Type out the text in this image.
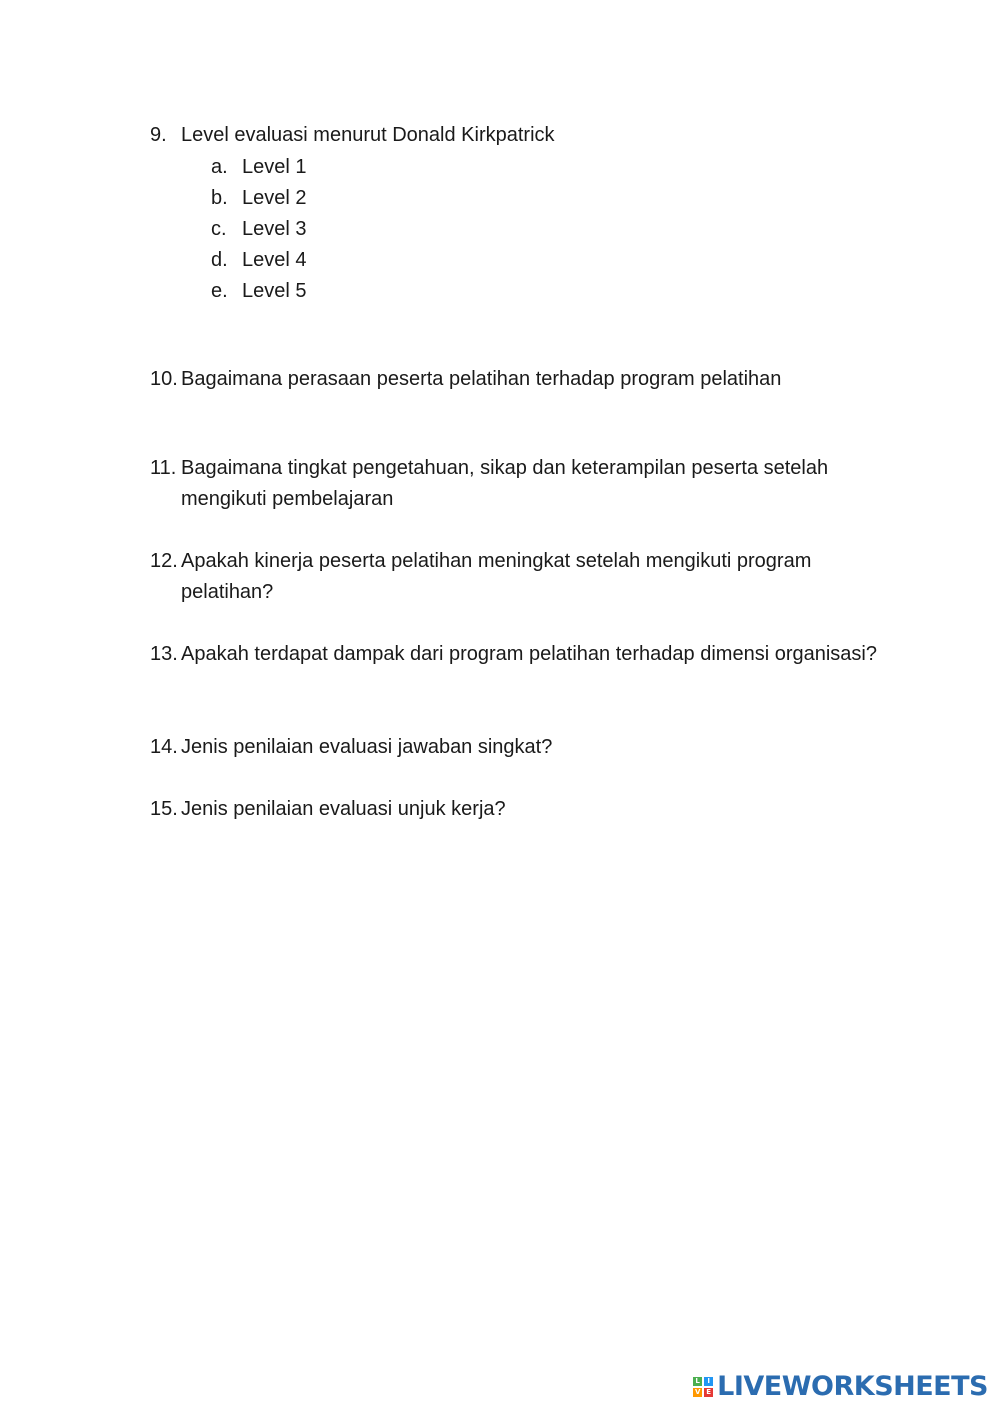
9. Level evaluasi menurut Donald Kirkpatrick
a. Level 1
b. Level 2
c. Level 3
d. Level 4
e. Level 5
10. Bagaimana perasaan peserta pelatihan terhadap program pelatihan
11. Bagaimana tingkat pengetahuan, sikap dan keterampilan peserta setelah mengikuti pembelajaran
12. Apakah kinerja peserta pelatihan meningkat setelah mengikuti program pelatihan?
13. Apakah terdapat dampak dari program pelatihan terhadap dimensi organisasi?
14. Jenis penilaian evaluasi jawaban singkat?
15. Jenis penilaian evaluasi unjuk kerja?
L	I
V E LIVEWORKSHEETS
